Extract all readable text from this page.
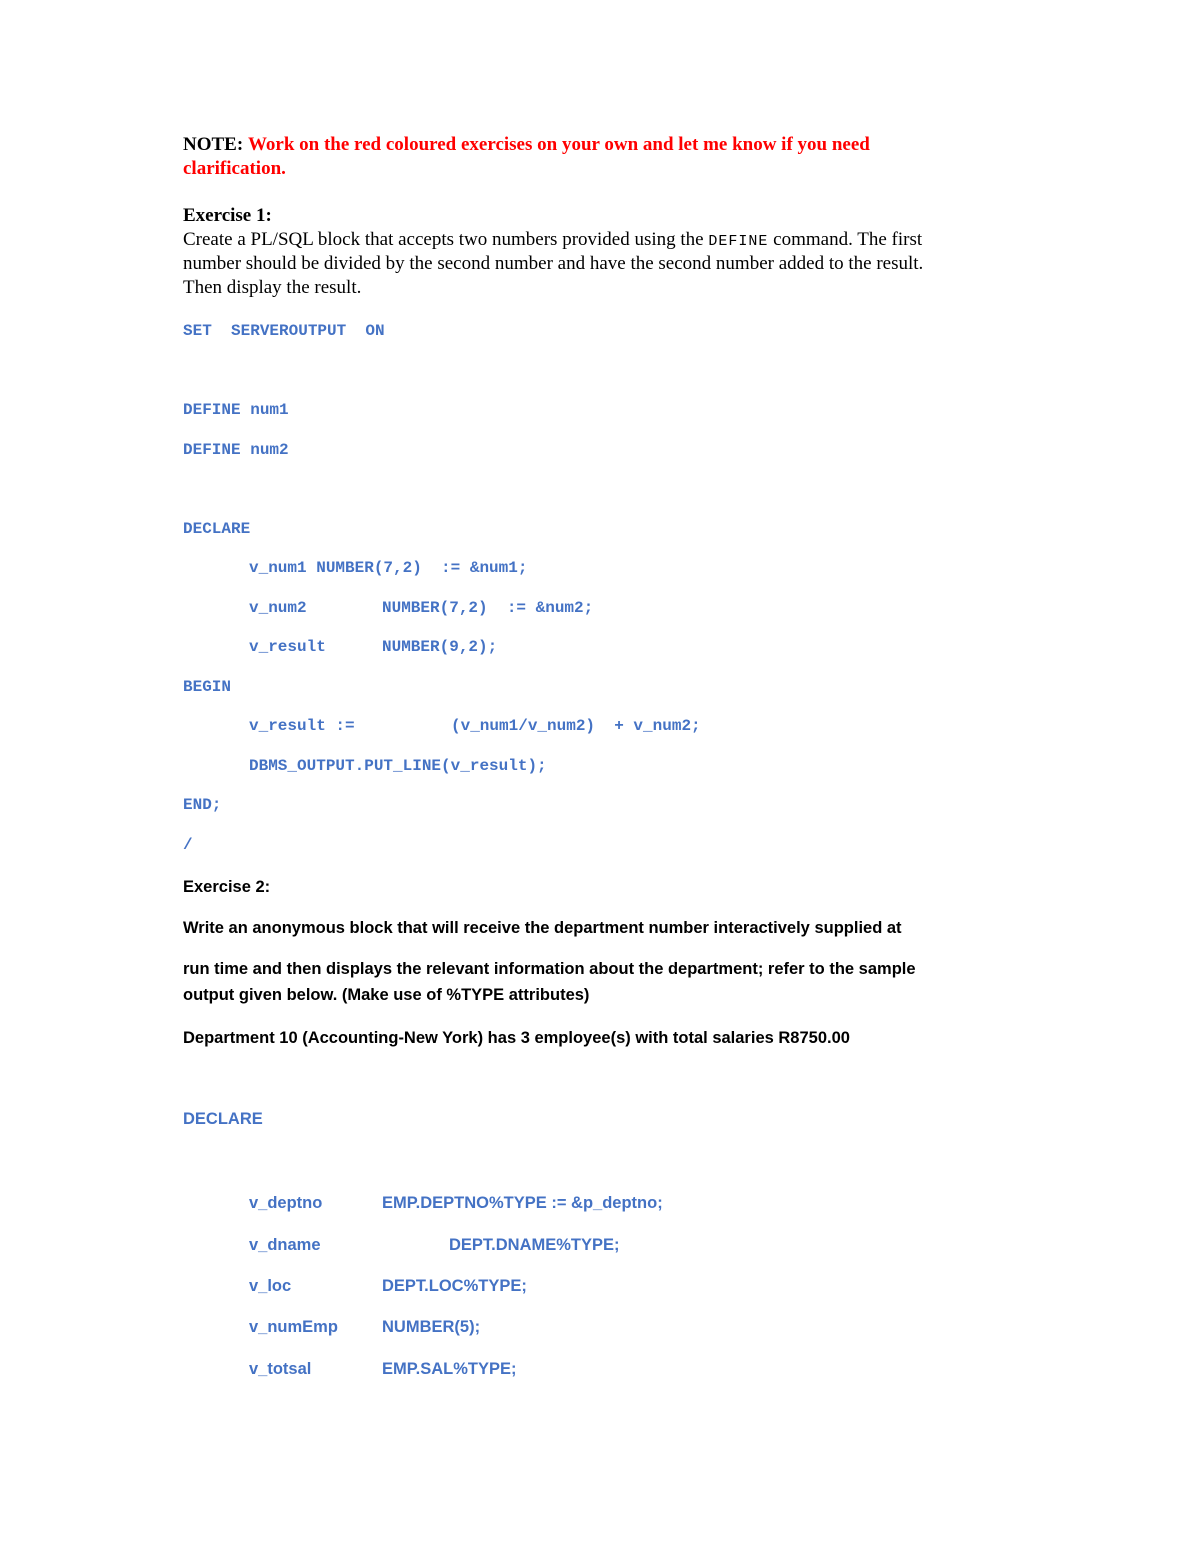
NOTE: Work on the red coloured exercises on your own and let me know if you need
clarification.
Exercise 1:
Create a PL/SQL block that accepts two numbers provided using the DEFINE command. The first
number should be divided by the second number and have the second number added to the result.
Then display the result.
SET  SERVEROUTPUT  ON
DEFINE num1
DEFINE num2
DECLARE
v_num1 NUMBER(7,2)  := &num1;
v_num2	NUMBER(7,2)  := &num2;
v_result	NUMBER(9,2);
BEGIN
v_result :=	(v_num1/v_num2)  + v_num2;
DBMS_OUTPUT.PUT_LINE(v_result);
END;
/
Exercise 2:
Write an anonymous block that will receive the department number interactively supplied at
run time and then displays the relevant information about the department; refer to the sample
output given below. (Make use of %TYPE attributes)
Department 10 (Accounting-New York) has 3 employee(s) with total salaries R8750.00
DECLARE
v_deptno	EMP.DEPTNO%TYPE := &p_deptno;
v_dname	DEPT.DNAME%TYPE;
v_loc	DEPT.LOC%TYPE;
v_numEmp	NUMBER(5);
v_totsal	EMP.SAL%TYPE;
